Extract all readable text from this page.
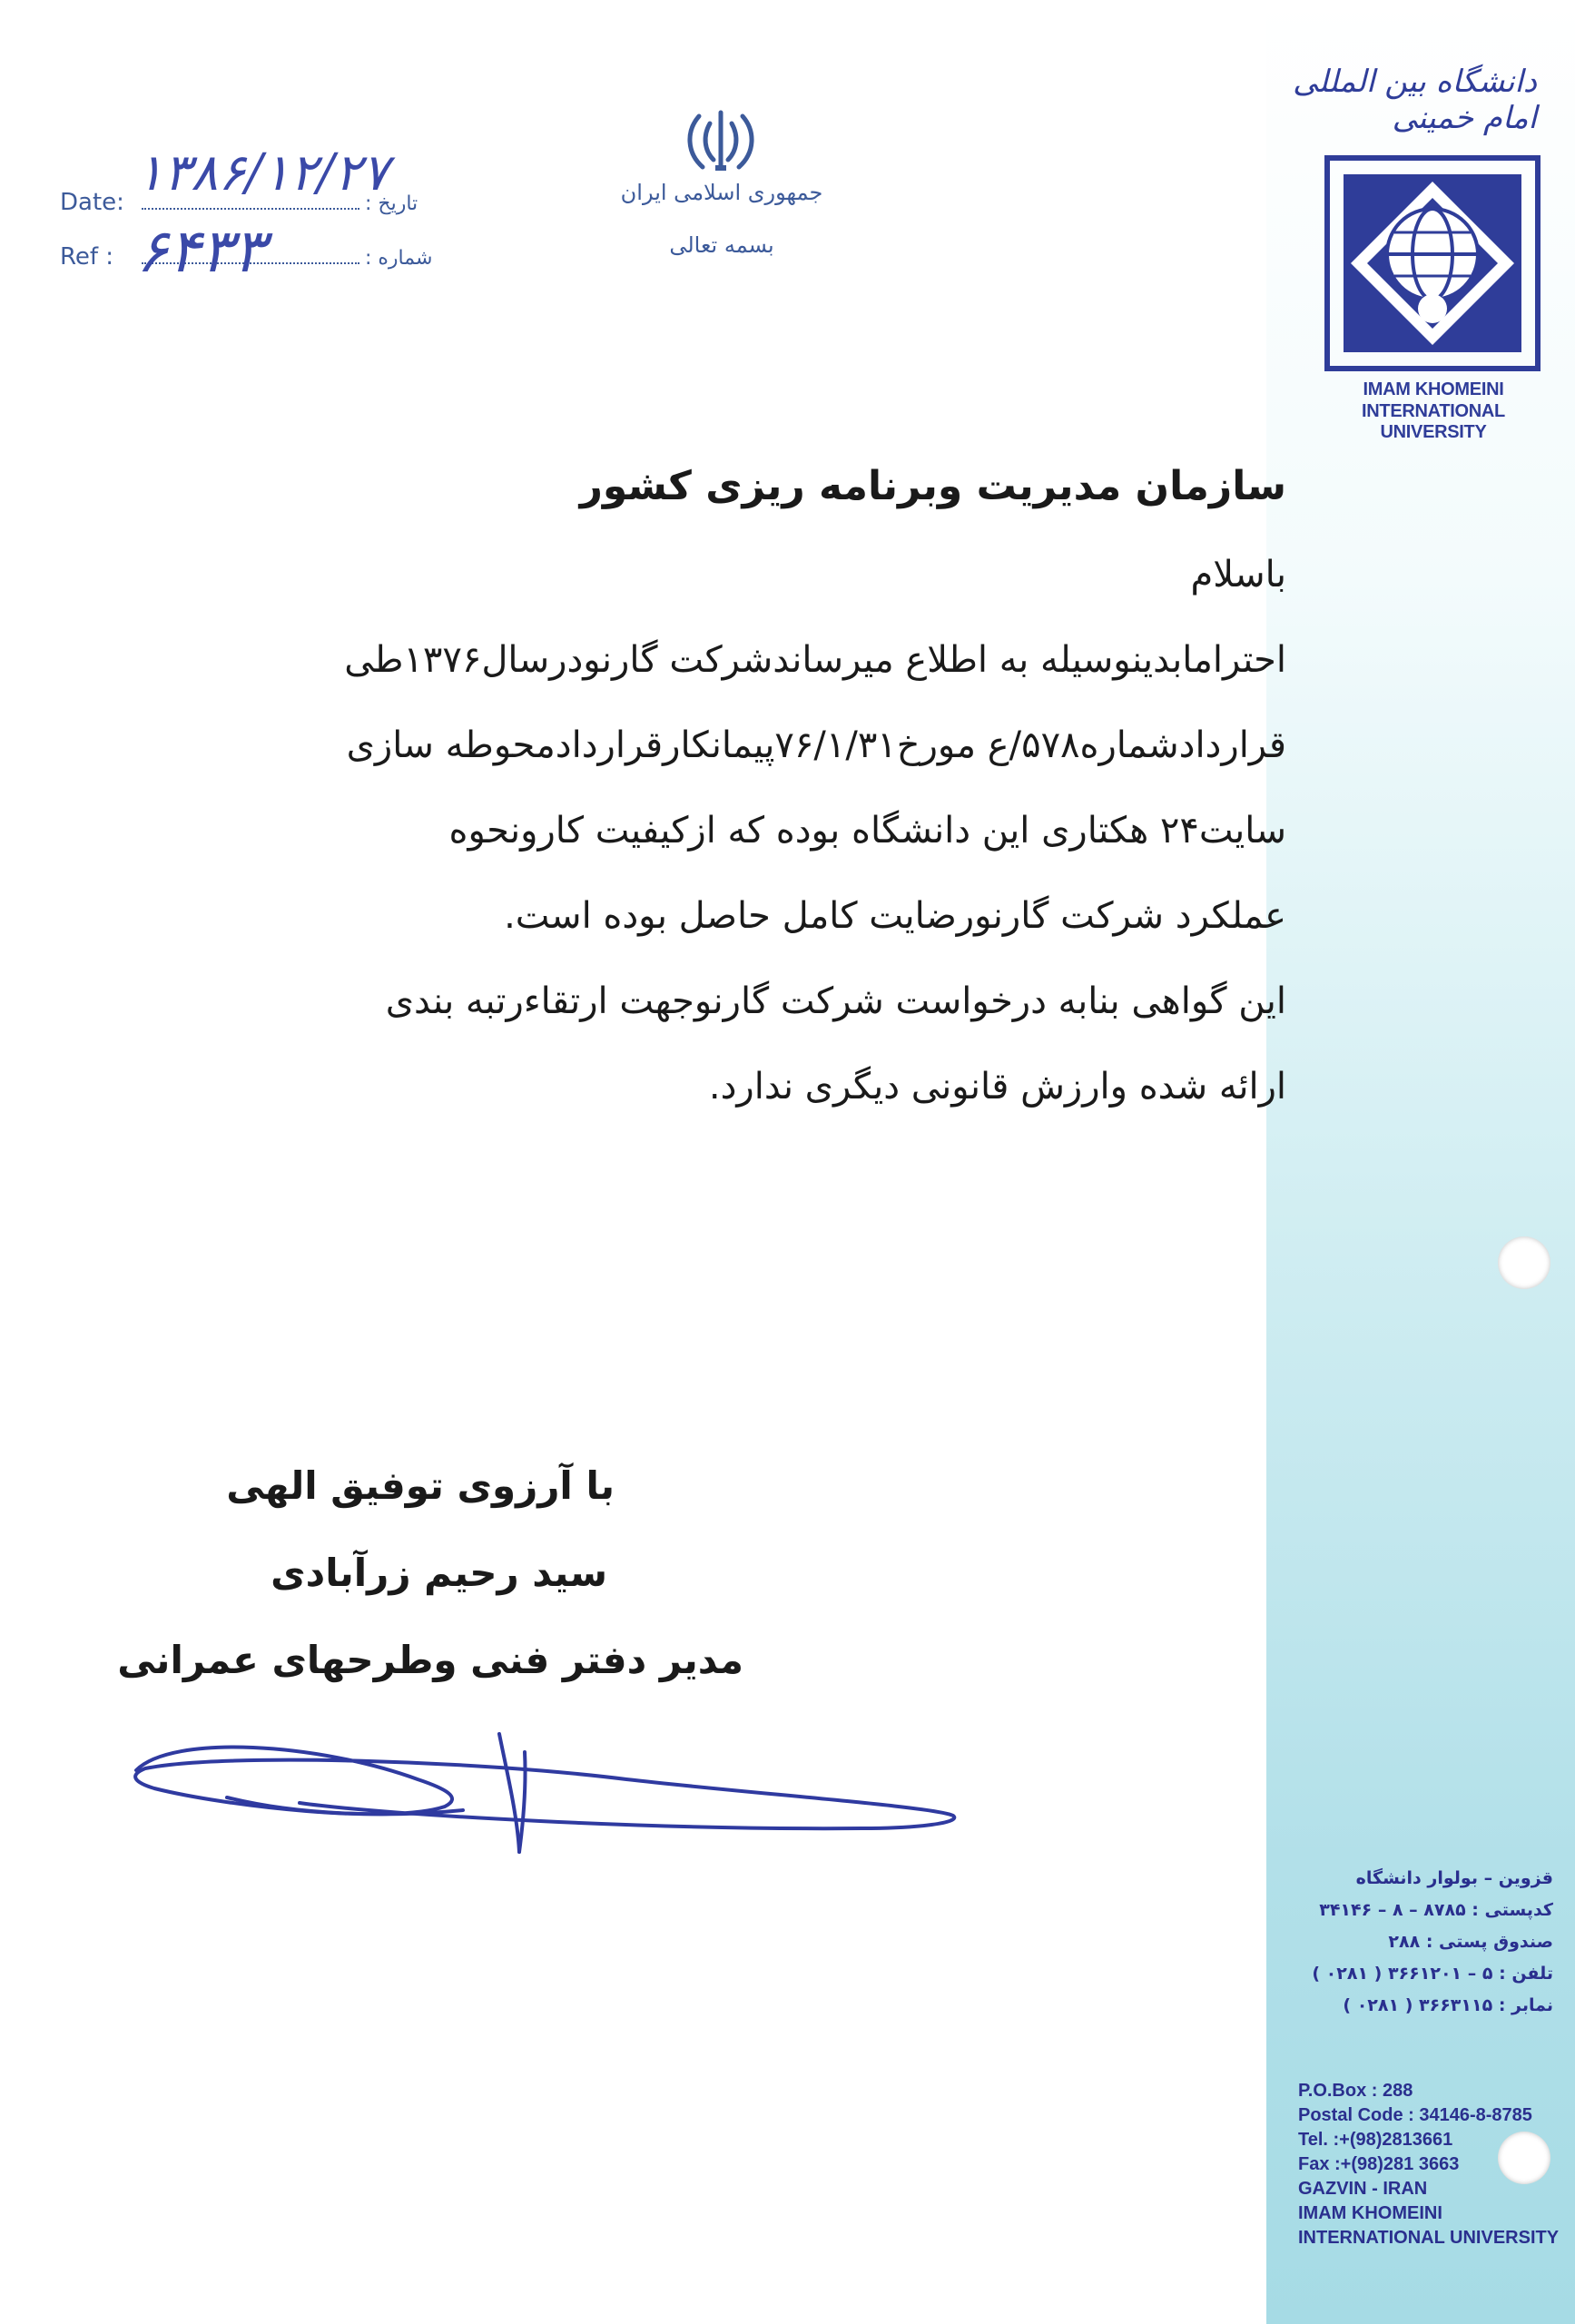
Date:	تاریخ :
۱۳۸۶/۱۲/۲۷
Ref :	شماره :
۶۴۳۳
جمهوری اسلامی ایران
بسمه تعالی
دانشگاه بین المللی امام خمینی
IMAM KHOMEINI
INTERNATIONAL UNIVERSITY
سازمان مدیریت وبرنامه ریزی کشور
باسلام

احترامابدینوسیله به اطلاع میرساندشرکت گارنودرسال۱۳۷۶طی

قراردادشماره۵۷۸/ع مورخ۷۶/۱/۳۱پیمانکارقراردادمحوطه سازی

سایت۲۴ هکتاری این دانشگاه بوده که ازکیفیت کارونحوه

عملکرد شرکت گارنورضایت کامل حاصل بوده است.

این گواهی بنابه درخواست شرکت گارنوجهت ارتقاءرتبه بندی

ارائه شده وارزش قانونی دیگری ندارد.

با آرزوی توفیق الهی
سید رحیم زرآبادی
مدیر دفتر فنی وطرحهای عمرانی
قزوین – بولوار دانشگاه
کدپستی : ۸۷۸۵ – ۸ – ۳۴۱۴۶
صندوق پستی : ۲۸۸
تلفن : ۵ – ۳۶۶۱۲۰۱ ( ۰۲۸۱ )
نمابر : ۳۶۶۳۱۱۵ ( ۰۲۸۱ )
P.O.Box : 288
Postal Code : 34146-8-8785
Tel. :+(98)2813661
Fax :+(98)281 3663
GAZVIN - IRAN
IMAM KHOMEINI
INTERNATIONAL UNIVERSITY
